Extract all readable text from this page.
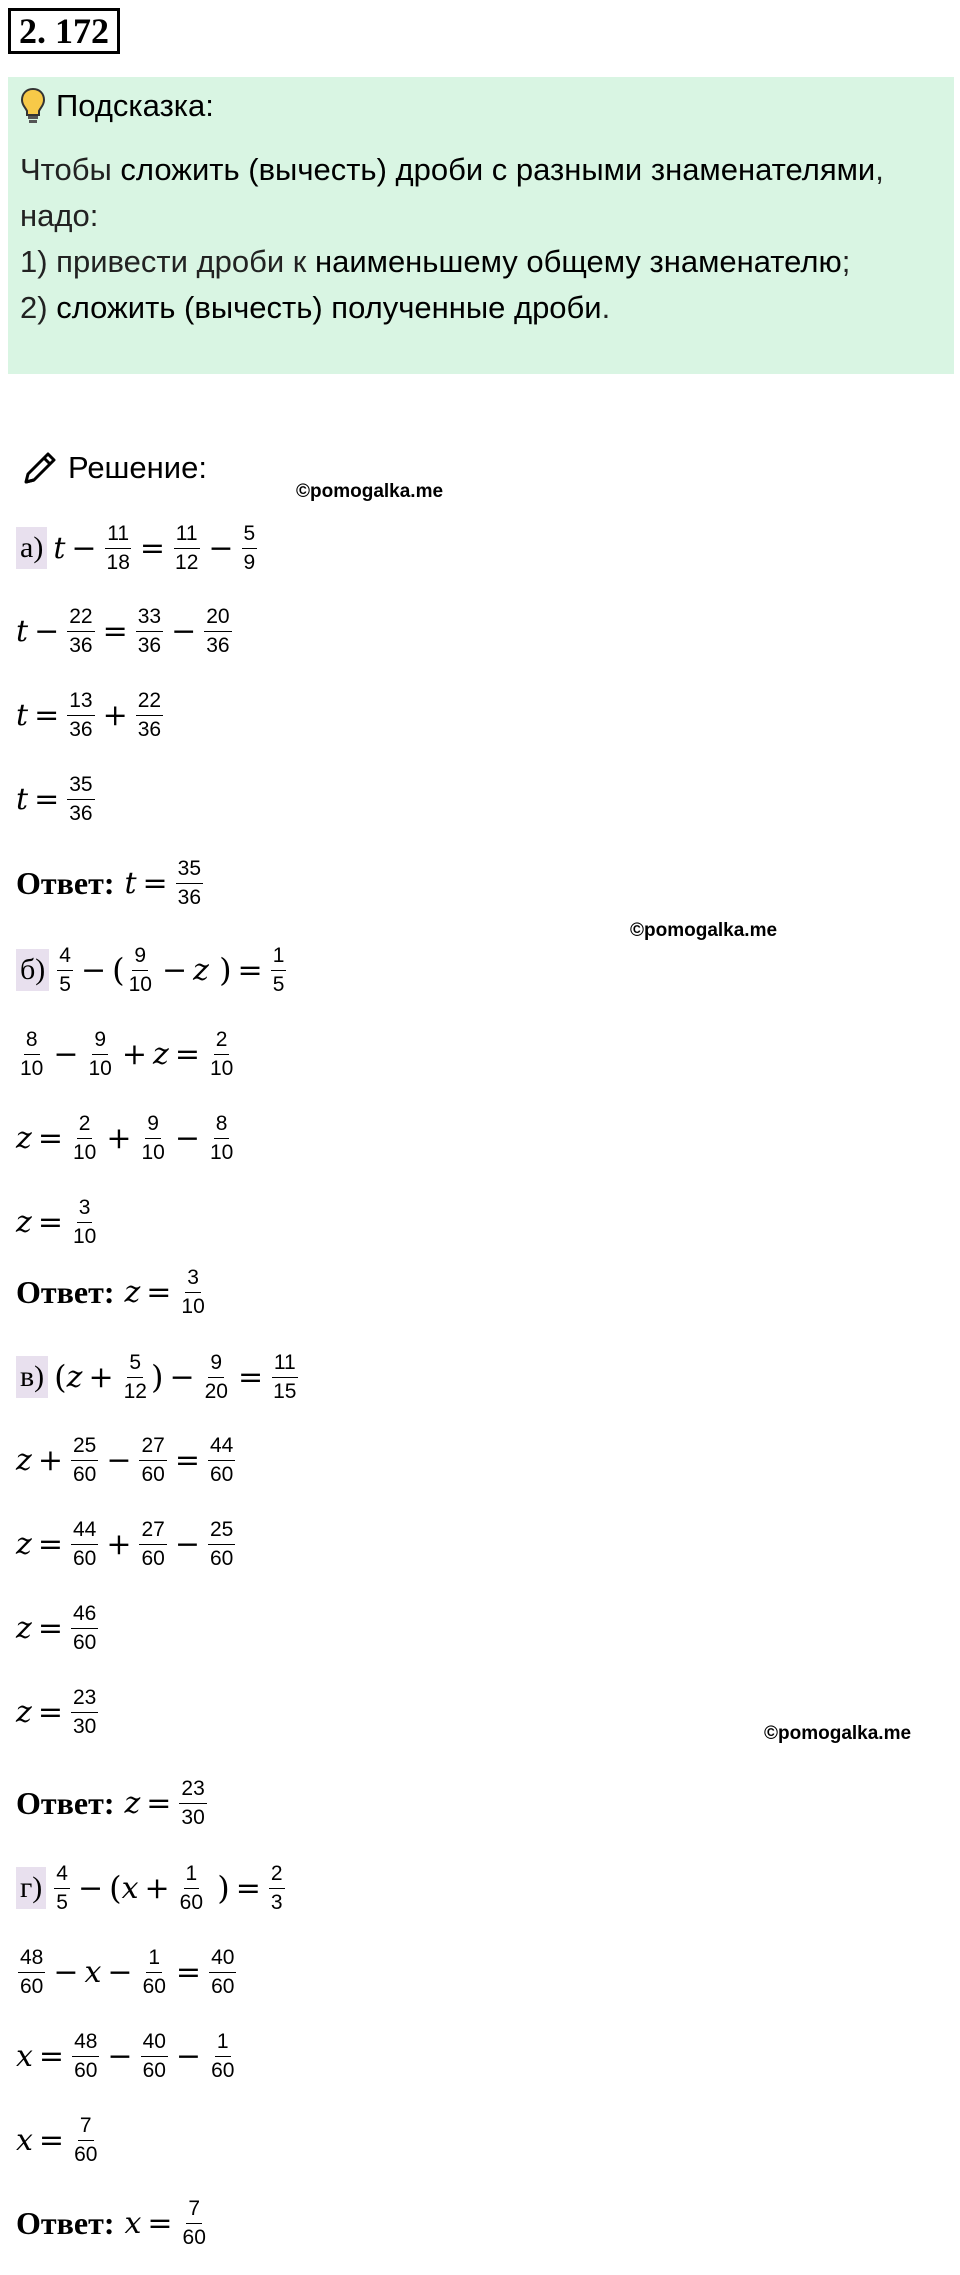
2. 172
Подсказка:
Чтобы сложить (вычесть) дроби с разными знаменателями,
надо:
1) привести дроби к наименьшему общему знаменателю;
2) сложить (вычесть) полученные дроби.
Решение:
©pomogalka.me
©pomogalka.me
©pomogalka.me
а) $t - \frac{11}{18} = \frac{11}{12} - \frac{5}{9}$
$t - \frac{22}{36} = \frac{33}{36} - \frac{20}{36}$
$t = \frac{13}{36} + \frac{22}{36}$
$t = \frac{35}{36}$
Ответ: $t = \frac{35}{36}$
$б) \frac{4}{5}$ − ( $\frac{9}{10} - z$ ) = $\frac{1}{5}$
$\frac{8}{10} - \frac{9}{10} + z = \frac{2}{10}$
$z = \frac{2}{10} + \frac{9}{10} - \frac{8}{10}$
$z = \frac{3}{10}$
Ответ: $z = \frac{3}{10}$
в) ( $z + \frac{5}{12}$ ) − $\frac{9}{20} = \frac{11}{15}$
$z + \frac{25}{60} - \frac{27}{60} = \frac{44}{60}$
$z = \frac{44}{60} + \frac{27}{60} - \frac{25}{60}$
$z = \frac{46}{60}$
$z = \frac{23}{30}$
Ответ: $z = \frac{23}{30}$
$г) \frac{4}{5}$ − ( $x + \frac{1}{60}$ ) = $\frac{2}{3}$
$\frac{48}{60} - x - \frac{1}{60} = \frac{40}{60}$
$x = \frac{48}{60} - \frac{40}{60} - \frac{1}{60}$
$x = \frac{7}{60}$
Ответ: $x = \frac{7}{60}$
